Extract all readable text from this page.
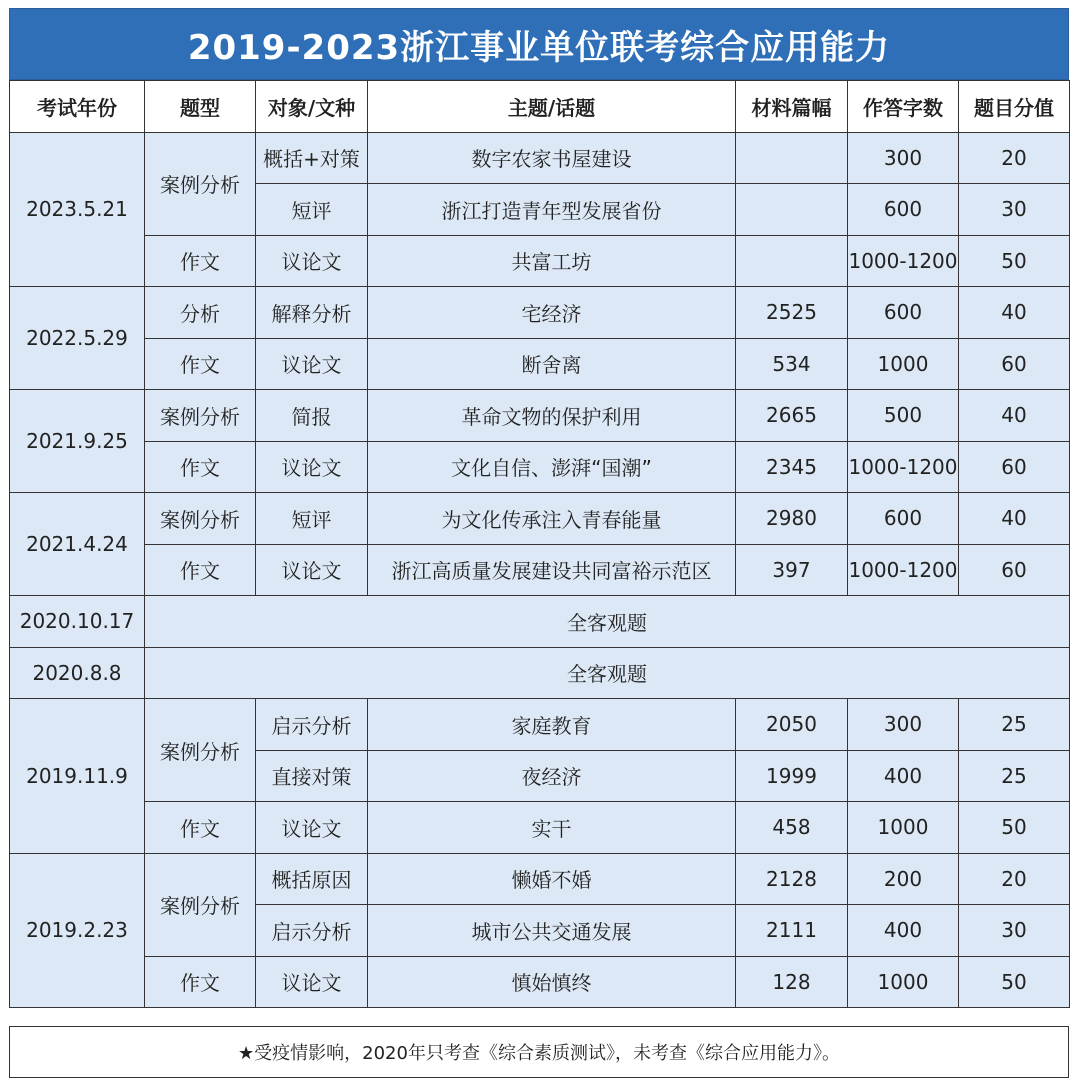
2019-2023浙江事业单位联考综合应用能力
考试年份	题型	对象/文种	主题/话题	材料篇幅	作答字数	题目分值
2023.5.21	案例分析	概括+对策	数字农家书屋建设		300	20
		短评	浙江打造青年型发展省份		600	30
	作文	议论文	共富工坊		1000-1200	50
2022.5.29	分析	解释分析	宅经济	2525	600	40
	作文	议论文	断舍离	534	1000	60
2021.9.25	案例分析	简报	革命文物的保护利用	2665	500	40
	作文	议论文	文化自信、澎湃“国潮”	2345	1000-1200	60
2021.4.24	案例分析	短评	为文化传承注入青春能量	2980	600	40
	作文	议论文	浙江高质量发展建设共同富裕示范区	397	1000-1200	60
2020.10.17	全客观题					
2020.8.8	全客观题					
2019.11.9	案例分析	启示分析	家庭教育	2050	300	25
		直接对策	夜经济	1999	400	25
	作文	议论文	实干	458	1000	50
2019.2.23	案例分析	概括原因	懒婚不婚	2128	200	20
		启示分析	城市公共交通发展	2111	400	30
	作文	议论文	慎始慎终	128	1000	50
★受疫情影响，2020年只考查《综合素质测试》，未考查《综合应用能力》。
